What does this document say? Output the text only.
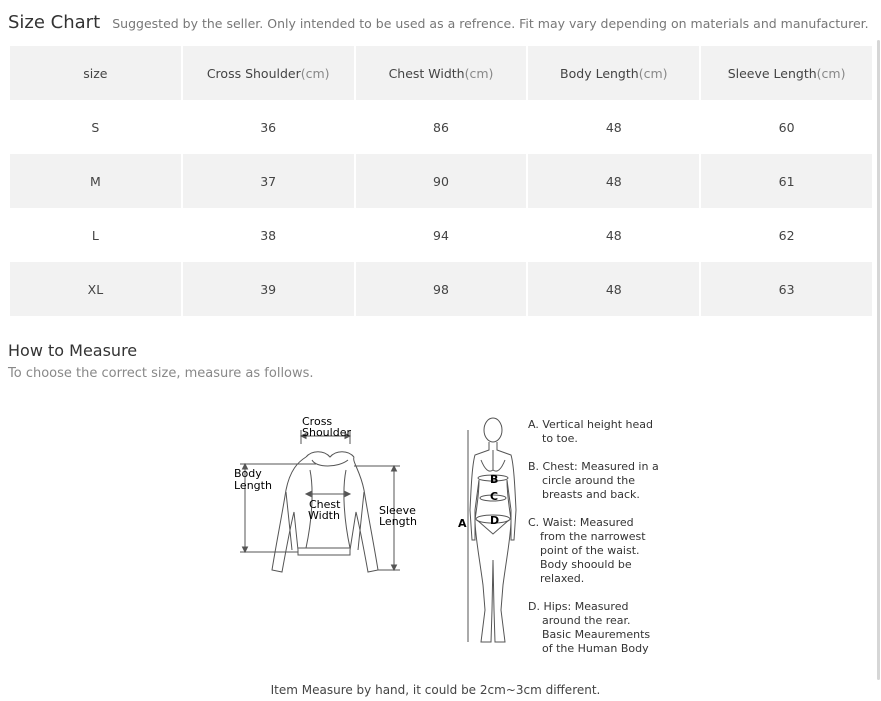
Size Chart Suggested by the seller. Only intended to be used as a refrence. Fit may vary depending on materials and manufacturer.
size	Cross Shoulder(cm)	Chest Width(cm)	Body Length(cm)	Sleeve Length(cm)
S	36	86	48	60
M	37	90	48	61
L	38	94	48	62
XL	39	98	48	63
How to Measure
To choose the correct size, measure as follows.
Cross
Shoulder
Body
Length
Chest
Width	Sleeve
Length	A
B
C
D
A. Vertical height head
to toe.
B. Chest: Measured in a
circle around the
breasts and back.
C. Waist: Measured
from the narrowest
point of the waist.
Body shoould be
relaxed.
D. Hips: Measured
around the rear.
Basic Meaurements
of the Human Body
Item Measure by hand, it could be 2cm~3cm different.
